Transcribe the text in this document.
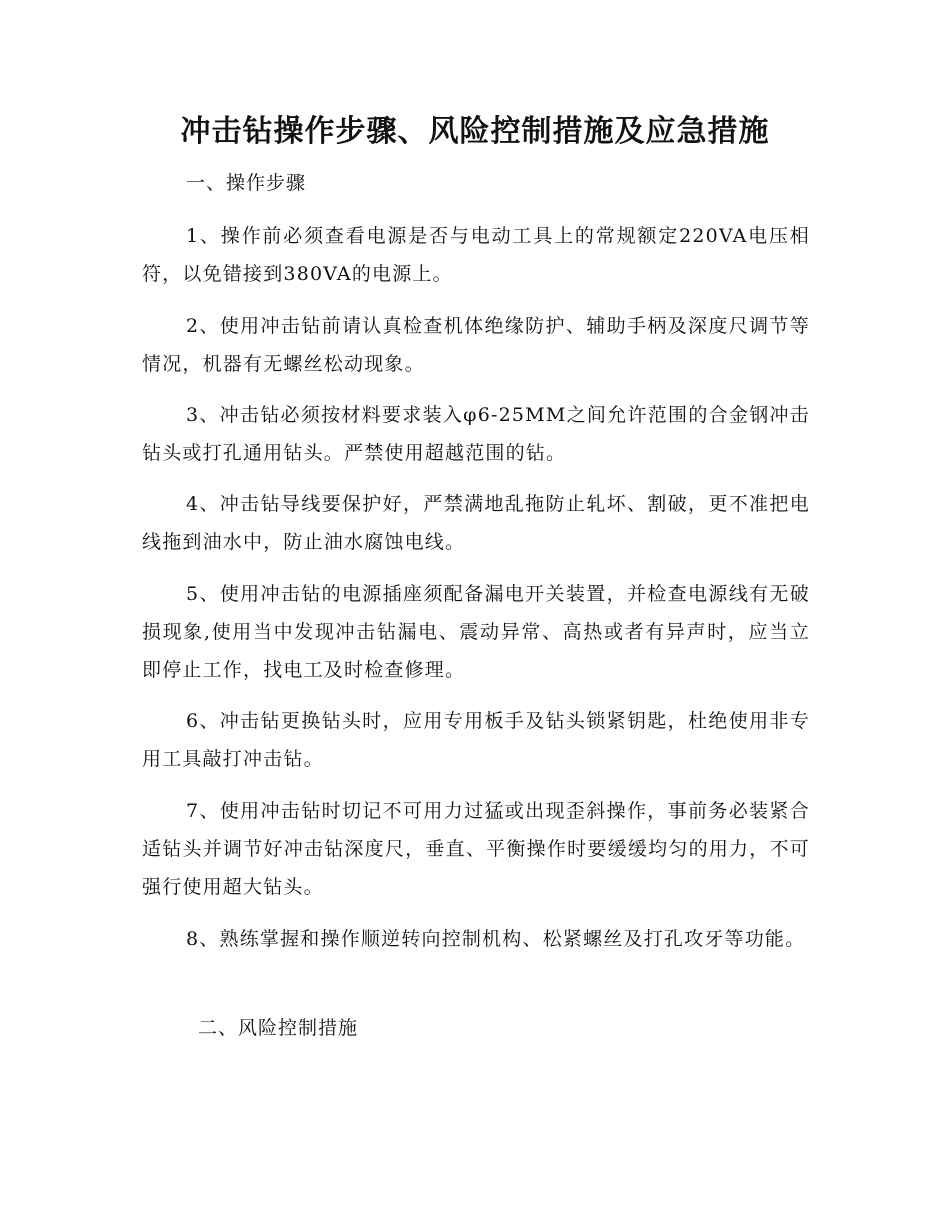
冲击钻操作步骤、风险控制措施及应急措施
一、操作步骤

1、操作前必须查看电源是否与电动工具上的常规额定220VA电压相符，以免错接到380VA的电源上。

2、使用冲击钻前请认真检查机体绝缘防护、辅助手柄及深度尺调节等情况，机器有无螺丝松动现象。

3、冲击钻必须按材料要求装入φ6-25MM之间允许范围的合金钢冲击钻头或打孔通用钻头。严禁使用超越范围的钻。

4、冲击钻导线要保护好，严禁满地乱拖防止轧坏、割破，更不准把电线拖到油水中，防止油水腐蚀电线。

5、使用冲击钻的电源插座须配备漏电开关装置，并检查电源线有无破损现象,使用当中发现冲击钻漏电、震动异常、高热或者有异声时，应当立即停止工作，找电工及时检查修理。

6、冲击钻更换钻头时，应用专用板手及钻头锁紧钥匙，杜绝使用非专用工具敲打冲击钻。

7、使用冲击钻时切记不可用力过猛或出现歪斜操作，事前务必装紧合适钻头并调节好冲击钻深度尺，垂直、平衡操作时要缓缓均匀的用力，不可强行使用超大钻头。

8、熟练掌握和操作顺逆转向控制机构、松紧螺丝及打孔攻牙等功能。

二、风险控制措施
